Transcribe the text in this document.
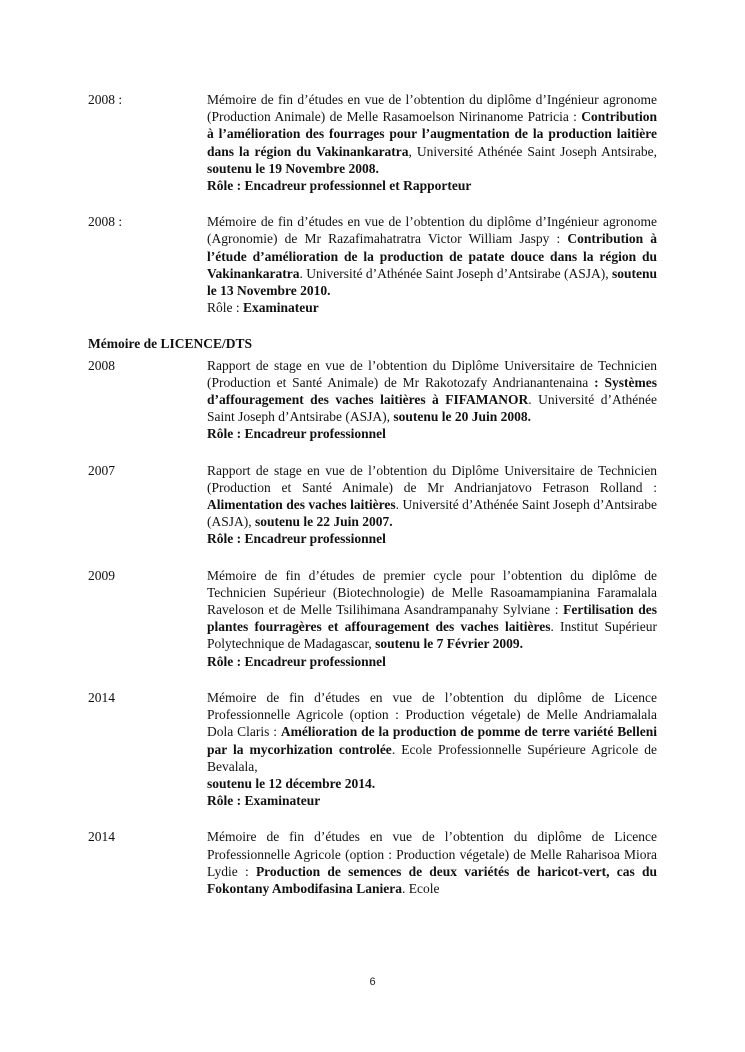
2008 :	Mémoire de fin d’études en vue de l’obtention du diplôme d’Ingénieur agronome (Production Animale) de Melle Rasamoelson Nirinanome Patricia : Contribution à l’amélioration des fourrages pour l’augmentation de la production laitière dans la région du Vakinankaratra, Université Athénée Saint Joseph Antsirabe, soutenu le 19 Novembre 2008.
Rôle : Encadreur professionnel et Rapporteur
2008 :	Mémoire de fin d’études en vue de l’obtention du diplôme d’Ingénieur agronome (Agronomie) de Mr Razafimahatratra Victor William Jaspy : Contribution à l’étude d’amélioration de la production de patate douce dans la région du Vakinankaratra. Université d’Athénée Saint Joseph d’Antsirabe (ASJA), soutenu le 13 Novembre 2010.
Rôle : Examinateur
Mémoire de LICENCE/DTS
2008	Rapport de stage en vue de l’obtention du Diplôme Universitaire de Technicien (Production et Santé Animale) de Mr Rakotozafy Andrianantenaina : Systèmes d’affouragement des vaches laitières à FIFAMANOR. Université d’Athénée Saint Joseph d’Antsirabe (ASJA), soutenu le 20 Juin 2008.
Rôle : Encadreur professionnel
2007	Rapport de stage en vue de l’obtention du Diplôme Universitaire de Technicien (Production et Santé Animale) de Mr Andrianjatovo Fetrason Rolland : Alimentation des vaches laitières. Université d’Athénée Saint Joseph d’Antsirabe (ASJA), soutenu le 22 Juin 2007.
Rôle : Encadreur professionnel
2009	Mémoire de fin d’études de premier cycle pour l’obtention du diplôme de Technicien Supérieur (Biotechnologie) de Melle Rasoamampianina Faramalala Raveloson et de Melle Tsilihimana Asandrampanahy Sylviane : Fertilisation des plantes fourragères et affouragement des vaches laitières. Institut Supérieur Polytechnique de Madagascar, soutenu le 7 Février 2009.
Rôle : Encadreur professionnel
2014	Mémoire de fin d’études en vue de l’obtention du diplôme de Licence Professionnelle Agricole (option : Production végetale) de Melle Andriamalala Dola Claris : Amélioration de la production de pomme de terre variété Belleni par la mycorhization controlée. Ecole Professionnelle Supérieure Agricole de Bevalala,
soutenu le 12 décembre 2014.
Rôle : Examinateur
2014	Mémoire de fin d’études en vue de l’obtention du diplôme de Licence Professionnelle Agricole (option : Production végetale) de Melle Raharisoa Miora Lydie : Production de semences de deux variétés de haricot-vert, cas du Fokontany Ambodifasina Laniera. Ecole
6
